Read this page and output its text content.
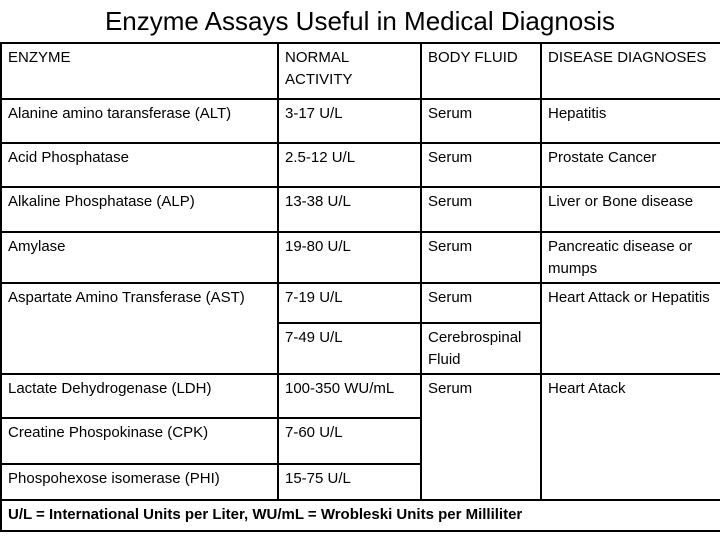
Enzyme Assays Useful in Medical Diagnosis
ENZYME	NORMAL ACTIVITY	BODY FLUID	DISEASE DIAGNOSES
Alanine amino taransferase (ALT)	3-17 U/L	Serum	Hepatitis
Acid Phosphatase	2.5-12 U/L	Serum	Prostate Cancer
Alkaline Phosphatase (ALP)	13-38 U/L	Serum	Liver or Bone disease
Amylase	19-80 U/L	Serum	Pancreatic disease or mumps
Aspartate Amino Transferase (AST)	7-19 U/L	Serum	Heart Attack or Hepatitis
	7-49 U/L	Cerebrospinal Fluid	
Lactate Dehydrogenase (LDH)	100-350 WU/mL	Serum	Heart Atack
Creatine Phospokinase (CPK)	7-60 U/L		
Phospohexose isomerase (PHI)	15-75 U/L		
U/L = International Units per Liter, WU/mL = Wrobleski Units per Milliliter			
